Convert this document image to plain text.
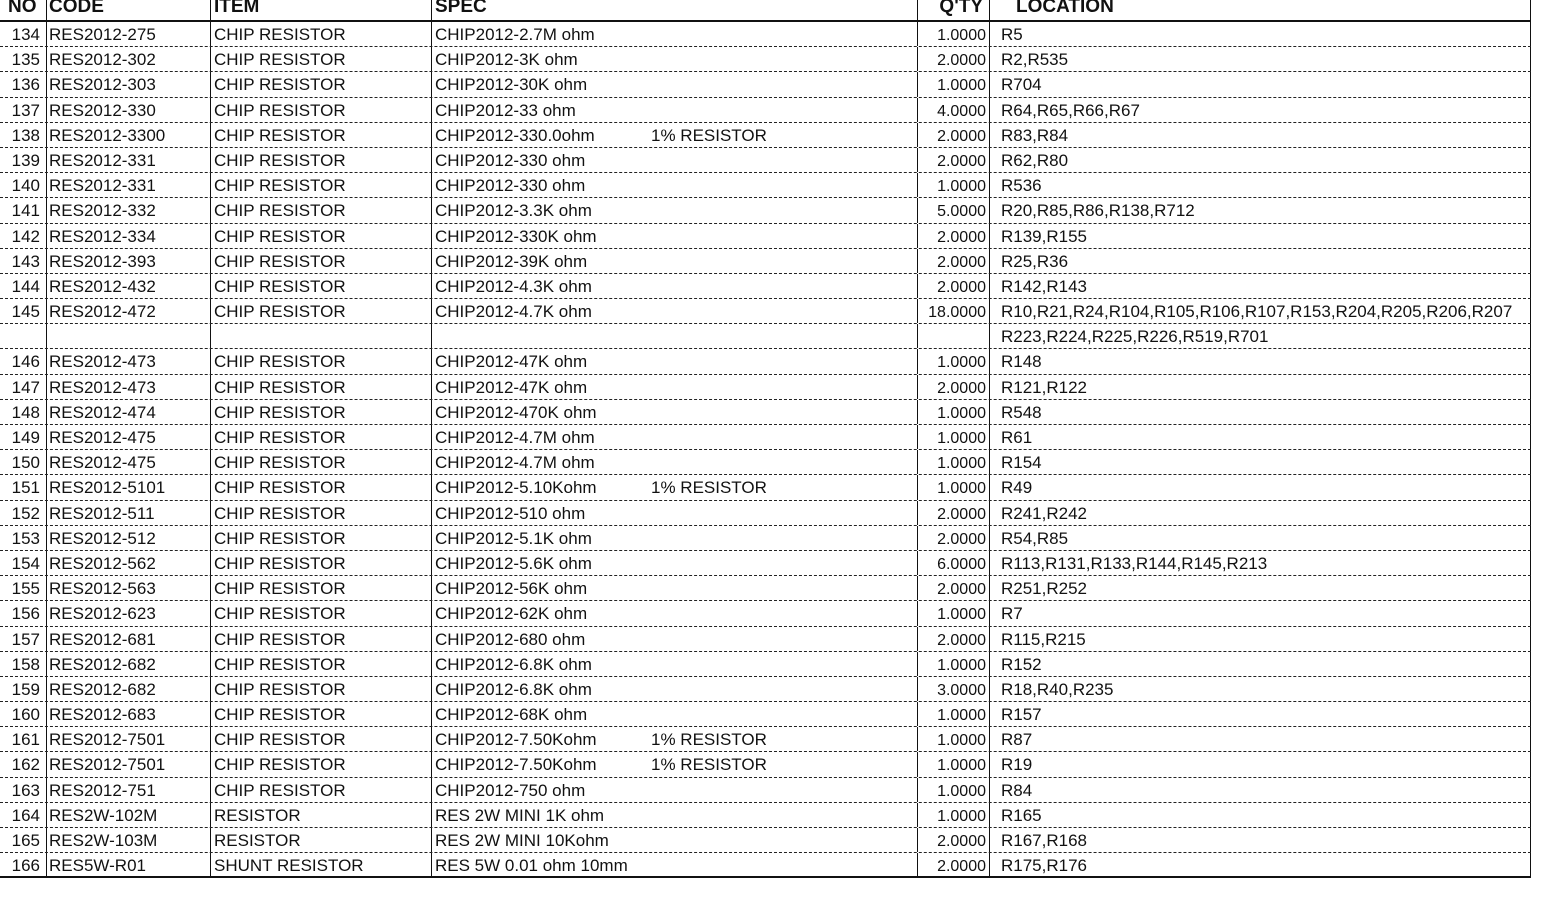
NO CODE	ITEM	SPEC	Q'TY	LOCATION
134 RES2012-275	CHIP RESISTOR	CHIP2012-2.7M ohm	1.0000 R5
135 RES2012-302	CHIP RESISTOR	CHIP2012-3K ohm	2.0000 R2,R535
136 RES2012-303	CHIP RESISTOR	CHIP2012-30K ohm	1.0000 R704
137 RES2012-330	CHIP RESISTOR	CHIP2012-33 ohm	4.0000 R64,R65,R66,R67
138 RES2012-3300	CHIP RESISTOR	CHIP2012-330.0ohm	1% RESISTOR	2.0000 R83,R84
139 RES2012-331	CHIP RESISTOR	CHIP2012-330 ohm	2.0000 R62,R80
140 RES2012-331	CHIP RESISTOR	CHIP2012-330 ohm	1.0000 R536
141 RES2012-332	CHIP RESISTOR	CHIP2012-3.3K ohm	5.0000 R20,R85,R86,R138,R712
142 RES2012-334	CHIP RESISTOR	CHIP2012-330K ohm	2.0000 R139,R155
143 RES2012-393	CHIP RESISTOR	CHIP2012-39K ohm	2.0000 R25,R36
144 RES2012-432	CHIP RESISTOR	CHIP2012-4.3K ohm	2.0000 R142,R143
145 RES2012-472	CHIP RESISTOR	CHIP2012-4.7K ohm	18.0000 R10,R21,R24,R104,R105,R106,R107,R153,R204,R205,R206,R207
R223,R224,R225,R226,R519,R701
146 RES2012-473	CHIP RESISTOR	CHIP2012-47K ohm	1.0000 R148
147 RES2012-473	CHIP RESISTOR	CHIP2012-47K ohm	2.0000 R121,R122
148 RES2012-474	CHIP RESISTOR	CHIP2012-470K ohm	1.0000 R548
149 RES2012-475	CHIP RESISTOR	CHIP2012-4.7M ohm	1.0000 R61
150 RES2012-475	CHIP RESISTOR	CHIP2012-4.7M ohm	1.0000 R154
151 RES2012-5101	CHIP RESISTOR	CHIP2012-5.10Kohm	1% RESISTOR	1.0000 R49
152 RES2012-511	CHIP RESISTOR	CHIP2012-510 ohm	2.0000 R241,R242
153 RES2012-512	CHIP RESISTOR	CHIP2012-5.1K ohm	2.0000 R54,R85
154 RES2012-562	CHIP RESISTOR	CHIP2012-5.6K ohm	6.0000 R113,R131,R133,R144,R145,R213
155 RES2012-563	CHIP RESISTOR	CHIP2012-56K ohm	2.0000 R251,R252
156 RES2012-623	CHIP RESISTOR	CHIP2012-62K ohm	1.0000 R7
157 RES2012-681	CHIP RESISTOR	CHIP2012-680 ohm	2.0000 R115,R215
158 RES2012-682	CHIP RESISTOR	CHIP2012-6.8K ohm	1.0000 R152
159 RES2012-682	CHIP RESISTOR	CHIP2012-6.8K ohm	3.0000 R18,R40,R235
160 RES2012-683	CHIP RESISTOR	CHIP2012-68K ohm	1.0000 R157
161 RES2012-7501	CHIP RESISTOR	CHIP2012-7.50Kohm	1% RESISTOR	1.0000 R87
162 RES2012-7501	CHIP RESISTOR	CHIP2012-7.50Kohm	1% RESISTOR	1.0000 R19
163 RES2012-751	CHIP RESISTOR	CHIP2012-750 ohm	1.0000 R84
164 RES2W-102M	RESISTOR	RES 2W MINI 1K ohm	1.0000 R165
165 RES2W-103M	RESISTOR	RES 2W MINI 10Kohm	2.0000 R167,R168
166 RES5W-R01	SHUNT RESISTOR	RES 5W 0.01 ohm 10mm	2.0000 R175,R176
